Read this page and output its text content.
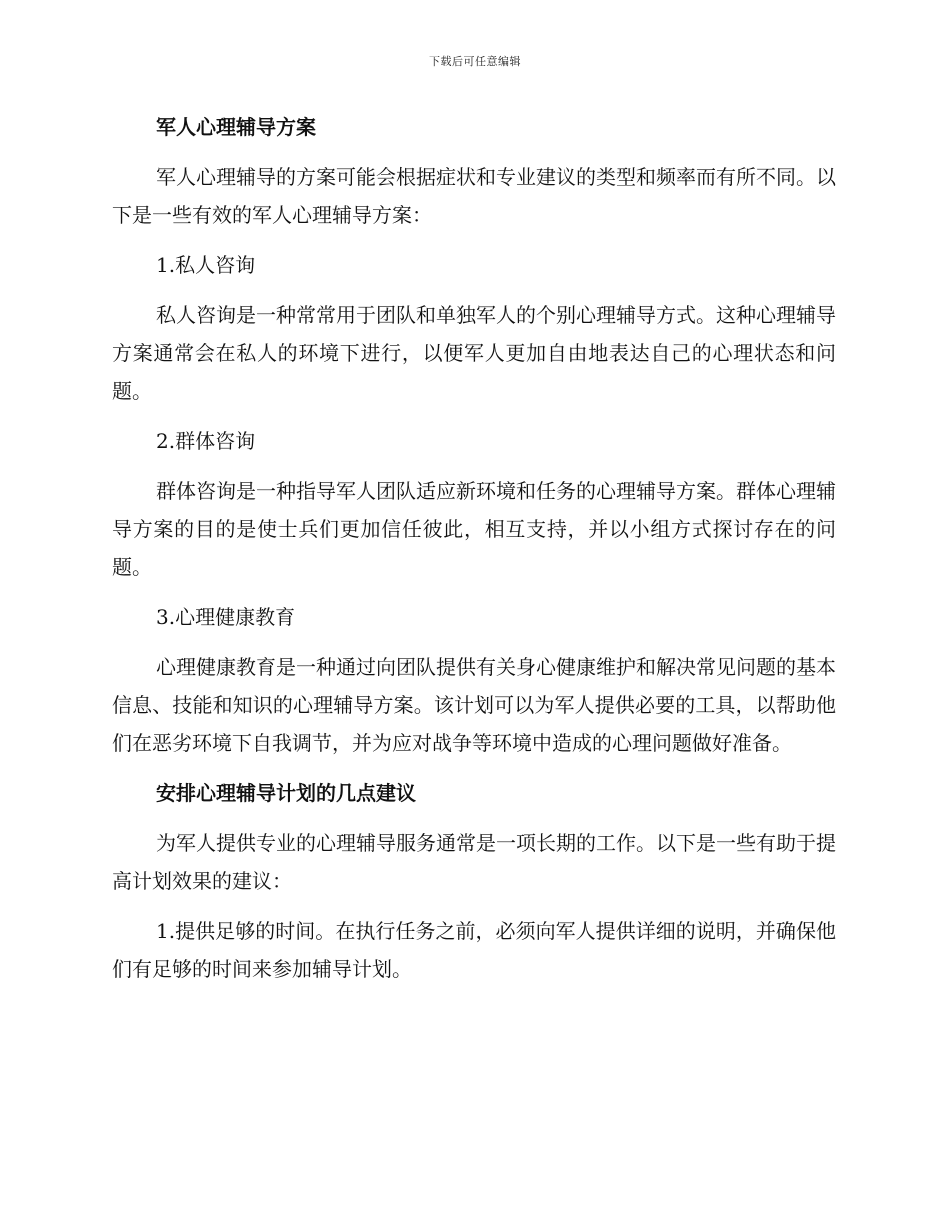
下载后可任意编辑
军人心理辅导方案
军人心理辅导的方案可能会根据症状和专业建议的类型和频率而有所不同。以下是一些有效的军人心理辅导方案：
1.私人咨询
私人咨询是一种常常用于团队和单独军人的个别心理辅导方式。这种心理辅导方案通常会在私人的环境下进行，以便军人更加自由地表达自己的心理状态和问题。
2.群体咨询
群体咨询是一种指导军人团队适应新环境和任务的心理辅导方案。群体心理辅导方案的目的是使士兵们更加信任彼此，相互支持，并以小组方式探讨存在的问题。
3.心理健康教育
心理健康教育是一种通过向团队提供有关身心健康维护和解决常见问题的基本信息、技能和知识的心理辅导方案。该计划可以为军人提供必要的工具，以帮助他们在恶劣环境下自我调节，并为应对战争等环境中造成的心理问题做好准备。
安排心理辅导计划的几点建议
为军人提供专业的心理辅导服务通常是一项长期的工作。以下是一些有助于提高计划效果的建议：
1.提供足够的时间。在执行任务之前，必须向军人提供详细的说明，并确保他们有足够的时间来参加辅导计划。
